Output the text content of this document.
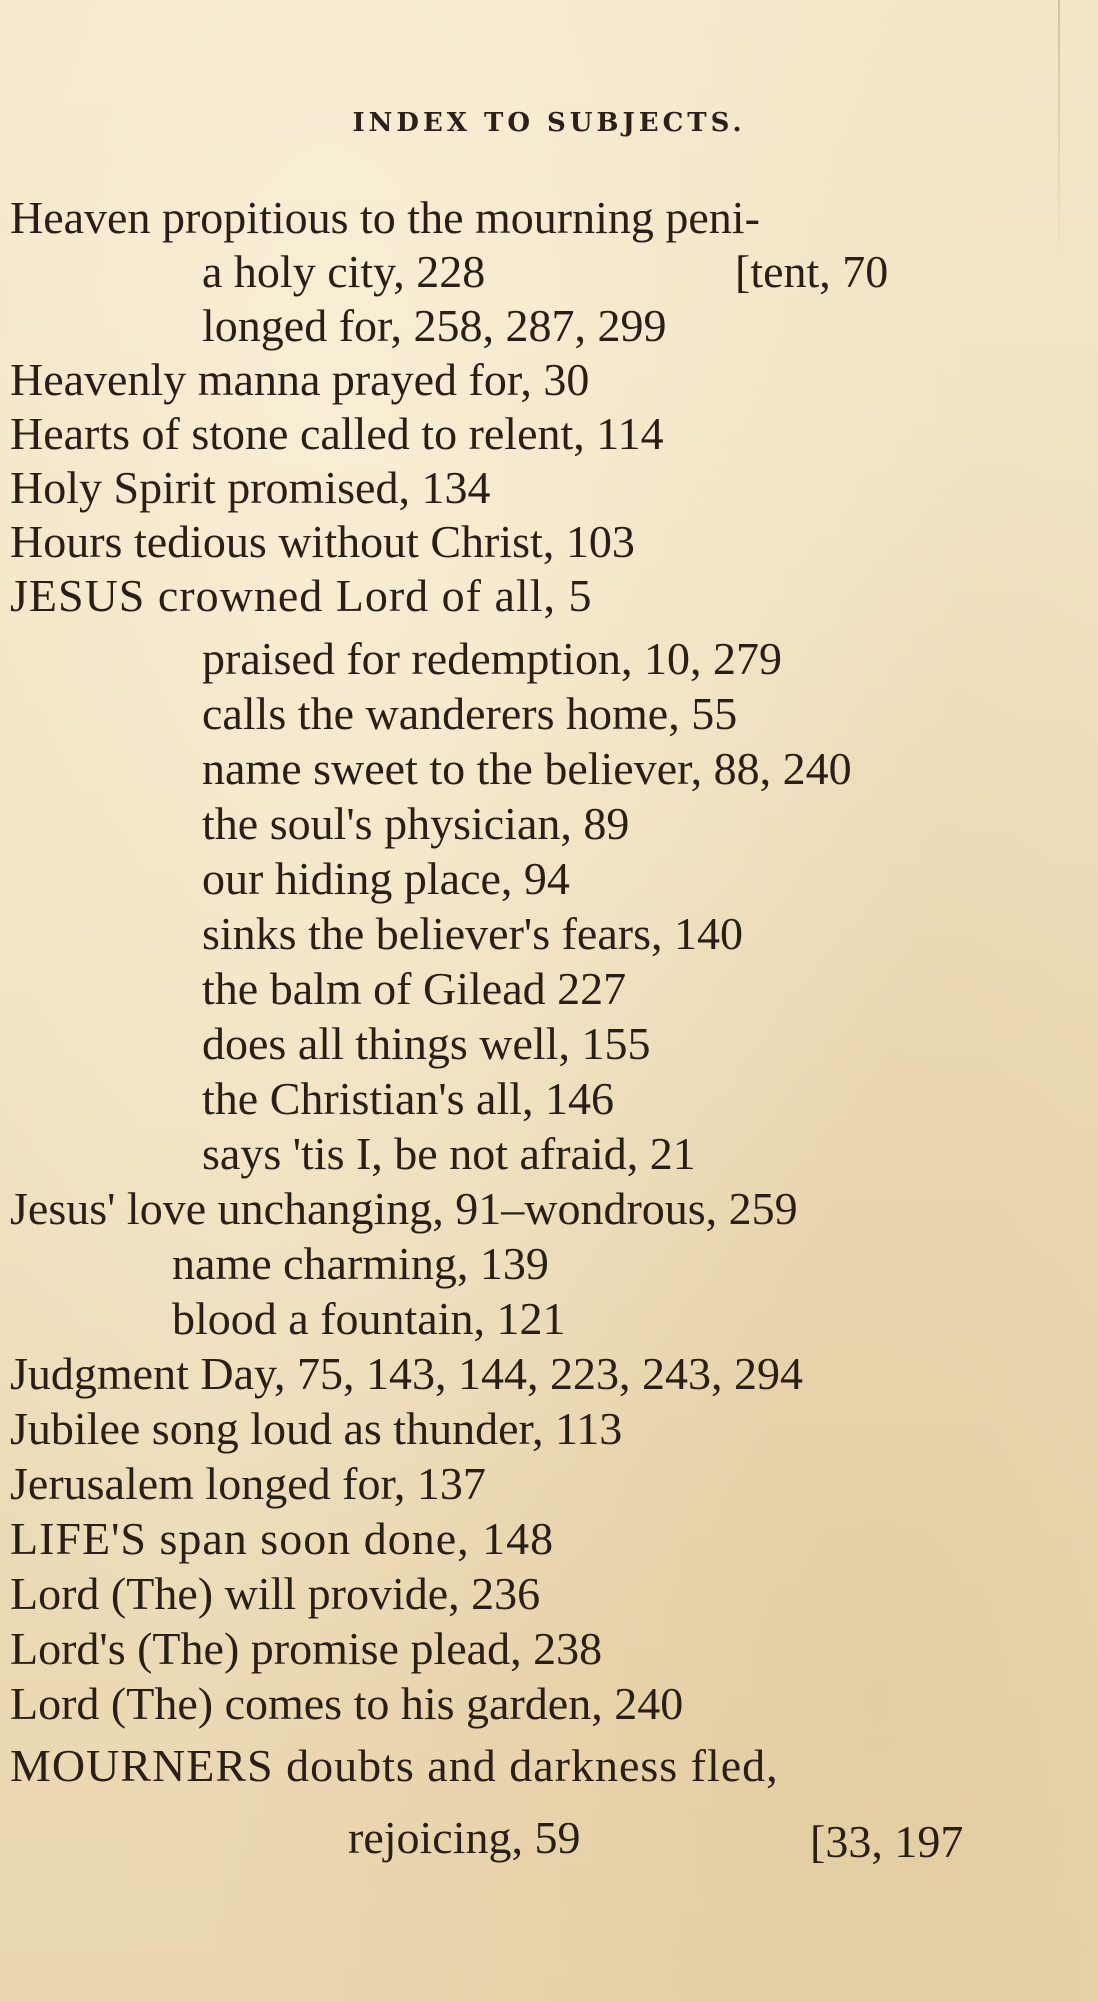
INDEX TO SUBJECTS.
Heaven propitious to the mourning peni-
a holy city, 228	[tent, 70
longed for, 258, 287, 299
Heavenly manna prayed for, 30
Hearts of stone called to relent, 114
Holy Spirit promised, 134
Hours tedious without Christ, 103
JESUS crowned Lord of all, 5
praised for redemption, 10, 279
calls the wanderers home, 55
name sweet to the believer, 88, 240
the soul's physician, 89
our hiding place, 94
sinks the believer's fears, 140
the balm of Gilead 227
does all things well, 155
the Christian's all, 146
says 'tis I, be not afraid, 21
Jesus' love unchanging, 91–wondrous, 259
name charming, 139
blood a fountain, 121
Judgment Day, 75, 143, 144, 223, 243, 294
Jubilee song loud as thunder, 113
Jerusalem longed for, 137
LIFE'S span soon done, 148
Lord (The) will provide, 236
Lord's (The) promise plead, 238
Lord (The) comes to his garden, 240
MOURNERS doubts and darkness fled,
rejoicing, 59	[33, 197
